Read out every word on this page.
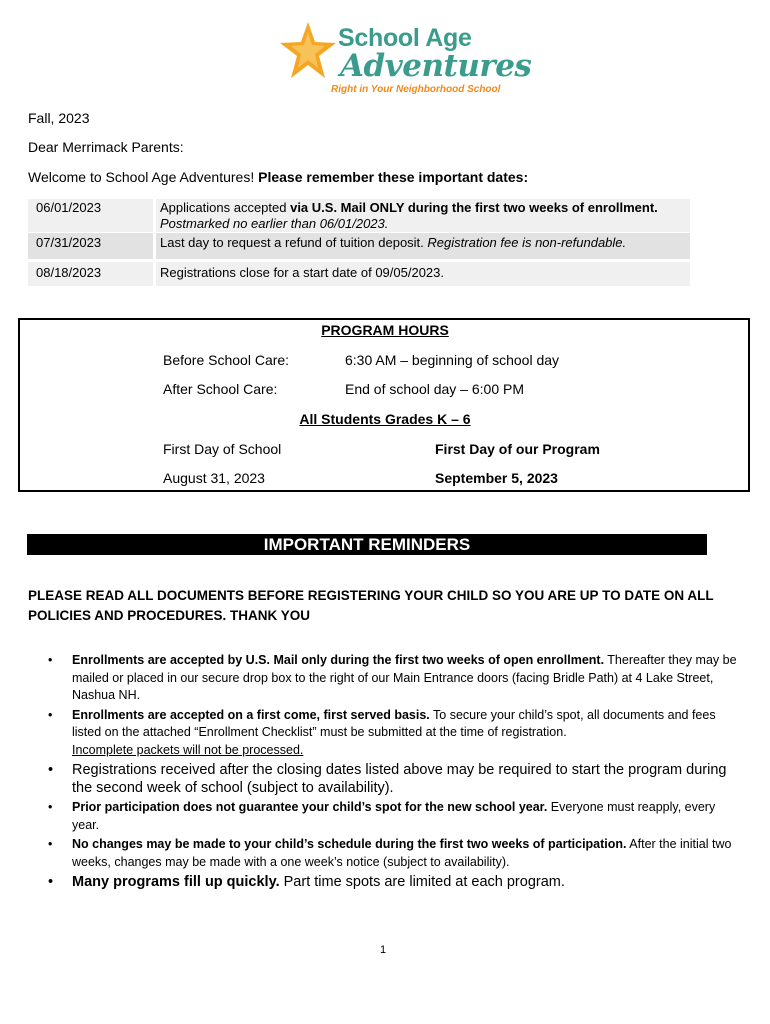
School Age
Adventures
Right in Your Neighborhood School
Fall, 2023
Dear Merrimack Parents:
Welcome to School Age Adventures! Please remember these important dates:
06/01/2023	Applications accepted via U.S. Mail ONLY during the first two weeks of enrollment. Postmarked no earlier than 06/01/2023.
07/31/2023	Last day to request a refund of tuition deposit. Registration fee is non-refundable.
08/18/2023	Registrations close for a start date of 09/05/2023.
PROGRAM HOURS
Before School Care:	6:30 AM – beginning of school day
After School Care:	End of school day – 6:00 PM
All Students Grades K – 6
First Day of School	First Day of our Program
August 31, 2023	September 5, 2023
IMPORTANT REMINDERS
PLEASE READ ALL DOCUMENTS BEFORE REGISTERING YOUR CHILD SO YOU ARE UP TO DATE ON ALL POLICIES AND PROCEDURES. THANK YOU
• Enrollments are accepted by U.S. Mail only during the first two weeks of open enrollment. Thereafter they may be mailed or placed in our secure drop box to the right of our Main Entrance doors (facing Bridle Path) at 4 Lake Street, Nashua NH.
• Enrollments are accepted on a first come, first served basis. To secure your child’s spot, all documents and fees listed on the attached “Enrollment Checklist” must be submitted at the time of registration.
Incomplete packets will not be processed.
• Registrations received after the closing dates listed above may be required to start the program during the second week of school (subject to availability).
• Prior participation does not guarantee your child’s spot for the new school year. Everyone must reapply, every year.
• No changes may be made to your child’s schedule during the first two weeks of participation. After the initial two weeks, changes may be made with a one week’s notice (subject to availability).
• Many programs fill up quickly. Part time spots are limited at each program.
1
